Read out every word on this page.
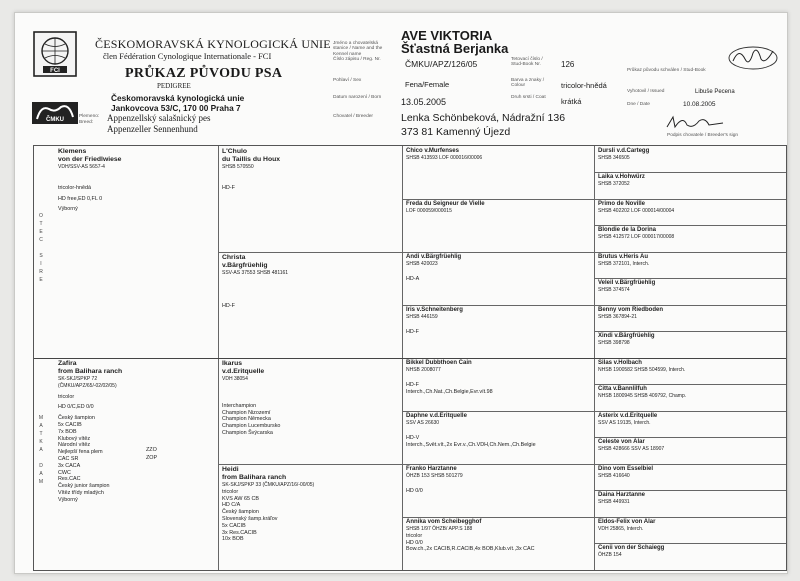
FCI
ČMKU
ČESKOMORAVSKÁ KYNOLOGICKÁ UNIE
člen Fédération Cynologique Internationale - FCI
PRŮKAZ PŮVODU PSA
PEDIGREE
Českomoravská kynologická unie
Jankovcova 53/C, 170 00 Praha 7
Plemeno:
Breed: Appenzellský salašnický pes
Appenzeller Sennenhund
Jméno a chovatelská stanice / Name and the Kennel name
Číslo zápisu / Reg. Nr.
Pohlaví / Sex
Datum narození / Born
Chovatel / Breeder
Tetovací číslo / Stud-Book Nr.
Barva a znaky / Colour
Druh srsti / Coat
AVE VIKTORIA
Šťastná Berjanka
ČMKU/APZ/126/05
Fena/Female
13.05.2005
Lenka Schönbeková, Nádražní 136
373 81 Kamenný Újezd
126
tricolor-hnědá
krátká
Průkaz původu schválen / Stud-Book
Vyhotovil / Issued	Libuše Pecena
Dne / Date	10.08.2005
Podpis chovatele / Breeder's sign
O
T
E
C

S
I
R
E
M
A
T
K
A

D
A
M
Klemens
von der Friedlwiese
VDH/SSV-AS 5657-4
tricolor-hnědá
HD free,ED 0,FL 0
Výborný
Zafira
from Balihara ranch
SK-SKJ/SPKP 72
(ČMKU/APZ/65/-02/02/05)
tricolor
HD 0/C,ED 0/0
Český šampion
5x CACIB
7x BOB
Klubový vítěz
Národní vítěz
Nejlepší fena plem
CAC SR
3x CACA
CWC
Res.CAC
Český junior šampion
Vítěz třídy mladých
Výborný
ZZO
ZOP
L'Chulo
du Taillis du Houx
SHSB 570550
HD-F
Christa
v.Bärgfrüehlig
SSV-AS 37553 SHSB 481161
HD-F
Ikarus
v.d.Eritquelle
VDH 38054
Interchampion
Champion Nizozemí
Champion Německa
Champion Lucembursko
Champion Švýcarska
Heidi
from Balihara ranch
SK-SKJ/SPKP 33 (ČMKU/APZ/16/-00/05)
tricolor
KVS AW 65 CB
HD C/A
Český šampion
Slovenský šamp.kráľov
5x CACIB
3x Res.CACIB
10x BOB
Chico v.Murfenses
SHSB 413593 LOF 000016/00006
Freda du Seigneur de Vielle
LOF 000059/000015
Andi v.Bärgfrüehlig
SHSB 420023
HD-A
Iris v.Schneitenberg
SHSB 446159
HD-F
Bikkel Dubbthoen Cain
NHSB 2008077
HD-F
Interch.,Ch.Nat.,Ch.Belgie,Evr.vít.98
Daphne v.d.Eritquelle
SSV AS 26630
HD-V
Interch.,Svět.vít.,2x Evr.v.,Ch.VDH,Ch.Nem.,Ch.Belgie
Franko Harztanne
ÖHZB 153 SHSB 501279
HD 0/0
Annika vom Scheibegghof
SHSB 1/97 ÖHZB/ APP.S 188
tricolor
HD 0/0
Bow.ch.,2x CACIB,R.CACIB,4x BOB,Klub.vít.,3x CAC
Dursli v.d.Cartegg
SHSB 346505
Laika v.Hohwürz
SHSB 372052
Primo de Noville
SHSB 402202 LOF 000014/00004
Blondie de la Dorina
SHSB 412572 LOF 000017/00008
Brutus v.Heris Au
SHSB 372101, Interch.
Veleil v.Bärgfrüehlig
SHSB 374574
Benny vom Riedboden
SHSB 367894-21
Xindi v.Bärgfrüehlig
SHSB 398798
Silas v.Holbach
NHSB 1900582 SHSB 504599, Interch.
Citta v.Bannlilfuh
NHSB 1800945 SHSB 409792, Champ.
Asterix v.d.Eritquelle
SSV AS 19135, Interch.
Celeste von Alar
SHSB 428666 SSV AS 18907
Dino vom Esselbiel
SHSB 416640
Daina Harztanne
SHSB 449931
Eldos-Felix von Alar
VDH 25865, Interch.
Cenii von der Schaiegg
ÖHZB 154
